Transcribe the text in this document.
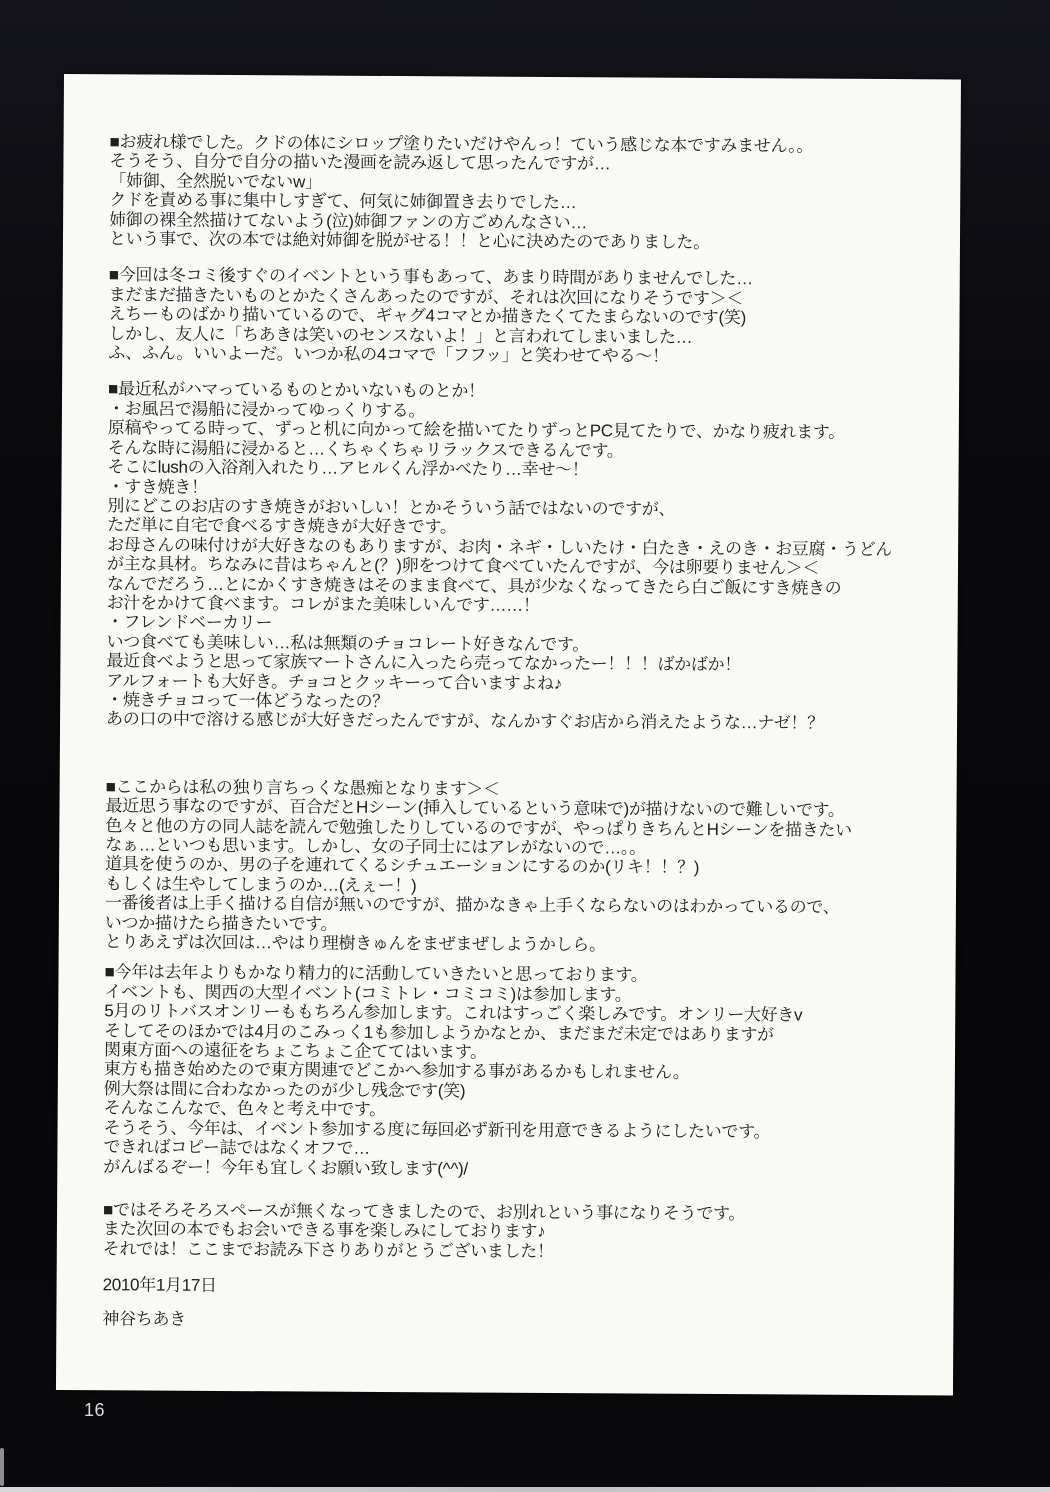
■お疲れ様でした。クドの体にシロップ塗りたいだけやんっ！ていう感じな本ですみません。。
そうそう、自分で自分の描いた漫画を読み返して思ったんですが…
「姉御、全然脱いでないw」
クドを責める事に集中しすぎて、何気に姉御置き去りでした…
姉御の裸全然描けてないよう(泣)姉御ファンの方ごめんなさい…
という事で、次の本では絶対姉御を脱がせる！！と心に決めたのでありました。

■今回は冬コミ後すぐのイベントという事もあって、あまり時間がありませんでした…
まだまだ描きたいものとかたくさんあったのですが、それは次回になりそうです＞＜
えちーものばかり描いているので、ギャグ4コマとか描きたくてたまらないのです(笑)
しかし、友人に「ちあきは笑いのセンスないよ！」と言われてしまいました…
ふ、ふん。いいよーだ。いつか私の4コマで「フフッ」と笑わせてやる～！

■最近私がハマっているものとかいないものとか！
・お風呂で湯船に浸かってゆっくりする。
原稿やってる時って、ずっと机に向かって絵を描いてたりずっとPC見てたりで、かなり疲れます。
そんな時に湯船に浸かると…くちゃくちゃリラックスできるんです。
そこにlushの入浴剤入れたり…アヒルくん浮かべたり…幸せ～！
・すき焼き！
別にどこのお店のすき焼きがおいしい！とかそういう話ではないのですが、
ただ単に自宅で食べるすき焼きが大好きです。
お母さんの味付けが大好きなのもありますが、お肉・ネギ・しいたけ・白たき・えのき・お豆腐・うどん
が主な具材。ちなみに昔はちゃんと(？)卵をつけて食べていたんですが、今は卵要りません＞＜
なんでだろう…とにかくすき焼きはそのまま食べて、具が少なくなってきたら白ご飯にすき焼きの
お汁をかけて食べます。コレがまた美味しいんです……！
・フレンドベーカリー
いつ食べても美味しい…私は無類のチョコレート好きなんです。
最近食べようと思って家族マートさんに入ったら売ってなかったー！！！ばかばか！
アルフォートも大好き。チョコとクッキーって合いますよね♪
・焼きチョコって一体どうなったの？
あの口の中で溶ける感じが大好きだったんですが、なんかすぐお店から消えたような…ナゼ！？

■ここからは私の独り言ちっくな愚痴となります＞＜
最近思う事なのですが、百合だとHシーン(挿入しているという意味で)が描けないので難しいです。
色々と他の方の同人誌を読んで勉強したりしているのですが、やっぱりきちんとHシーンを描きたい
なぁ…といつも思います。しかし、女の子同士にはアレがないので…。。
道具を使うのか、男の子を連れてくるシチュエーションにするのか(リキ！！？)
もしくは生やしてしまうのか…(えぇー！)
一番後者は上手く描ける自信が無いのですが、描かなきゃ上手くならないのはわかっているので、
いつか描けたら描きたいです。
とりあえずは次回は…やはり理樹きゅんをまぜまぜしようかしら。

■今年は去年よりもかなり精力的に活動していきたいと思っております。
イベントも、関西の大型イベント(コミトレ・コミコミ)は参加します。
5月のリトバスオンリーももちろん参加します。これはすっごく楽しみです。オンリー大好きv
そしてそのほかでは4月のこみっく1も参加しようかなとか、まだまだ未定ではありますが
関東方面への遠征をちょこちょこ企ててはいます。
東方も描き始めたので東方関連でどこかへ参加する事があるかもしれません。
例大祭は間に合わなかったのが少し残念です(笑)
そんなこんなで、色々と考え中です。
そうそう、今年は、イベント参加する度に毎回必ず新刊を用意できるようにしたいです。
できればコピー誌ではなくオフで…
がんばるぞー！今年も宜しくお願い致します(^^)/

■ではそろそろスペースが無くなってきましたので、お別れという事になりそうです。
また次回の本でもお会いできる事を楽しみにしております♪
それでは！ここまでお読み下さりありがとうございました！

2010年1月17日

神谷ちあき

16
